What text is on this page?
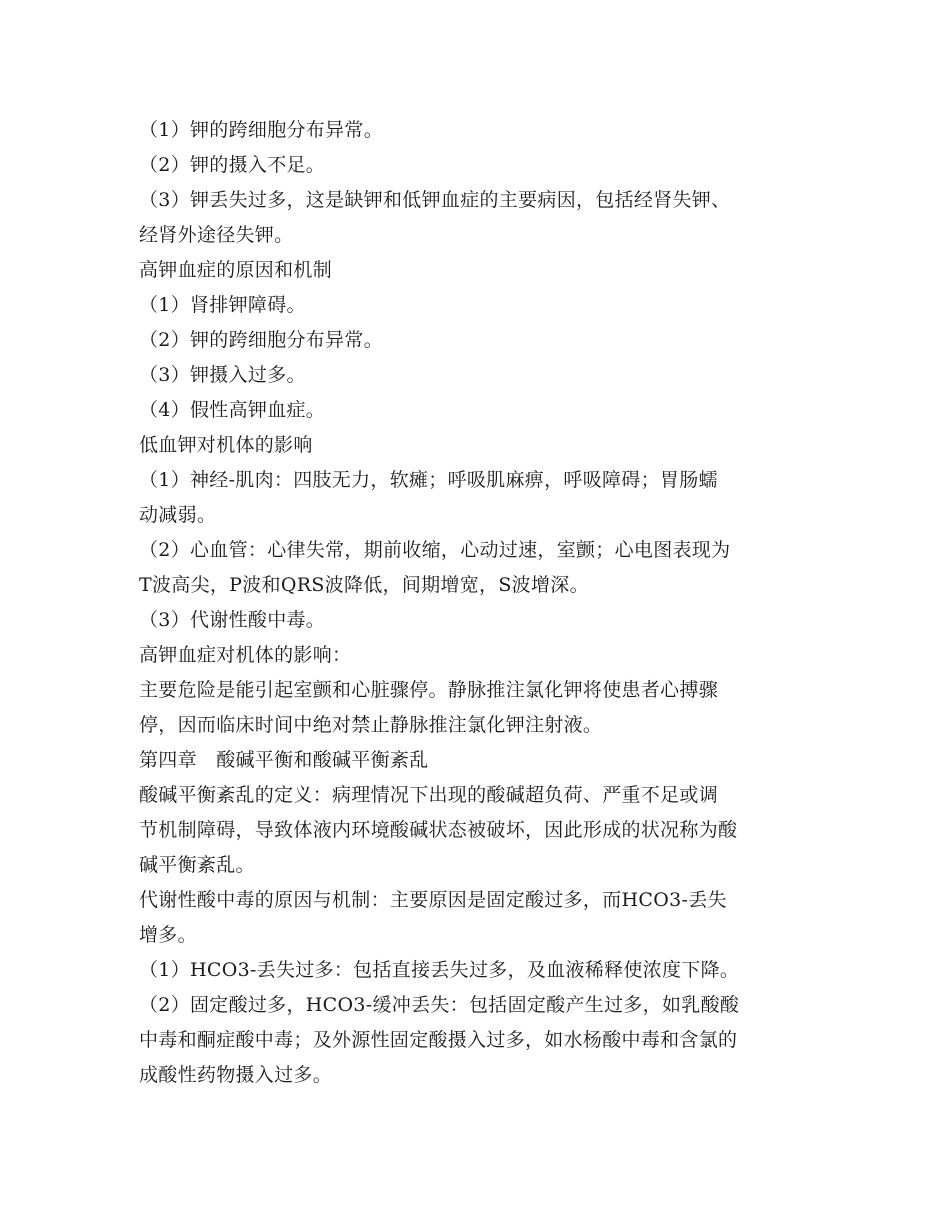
（1）钾的跨细胞分布异常。
（2）钾的摄入不足。
（3）钾丢失过多，这是缺钾和低钾血症的主要病因，包括经肾失钾、
经肾外途径失钾。
高钾血症的原因和机制
（1）肾排钾障碍。
（2）钾的跨细胞分布异常。
（3）钾摄入过多。
（4）假性高钾血症。
低血钾对机体的影响
（1）神经-肌肉：四肢无力，软瘫；呼吸肌麻痹，呼吸障碍；胃肠蠕
动减弱。
（2）心血管：心律失常，期前收缩，心动过速，室颤；心电图表现为
T波高尖，P波和QRS波降低，间期增宽，S波增深。
（3）代谢性酸中毒。
高钾血症对机体的影响：
主要危险是能引起室颤和心脏骤停。静脉推注氯化钾将使患者心搏骤
停，因而临床时间中绝对禁止静脉推注氯化钾注射液。
第四章　酸碱平衡和酸碱平衡紊乱
酸碱平衡紊乱的定义：病理情况下出现的酸碱超负荷、严重不足或调
节机制障碍，导致体液内环境酸碱状态被破坏，因此形成的状况称为酸
碱平衡紊乱。
代谢性酸中毒的原因与机制：主要原因是固定酸过多，而HCO3-丢失
增多。
（1）HCO3-丢失过多：包括直接丢失过多，及血液稀释使浓度下降。
（2）固定酸过多，HCO3-缓冲丢失：包括固定酸产生过多，如乳酸酸
中毒和酮症酸中毒；及外源性固定酸摄入过多，如水杨酸中毒和含氯的
成酸性药物摄入过多。
